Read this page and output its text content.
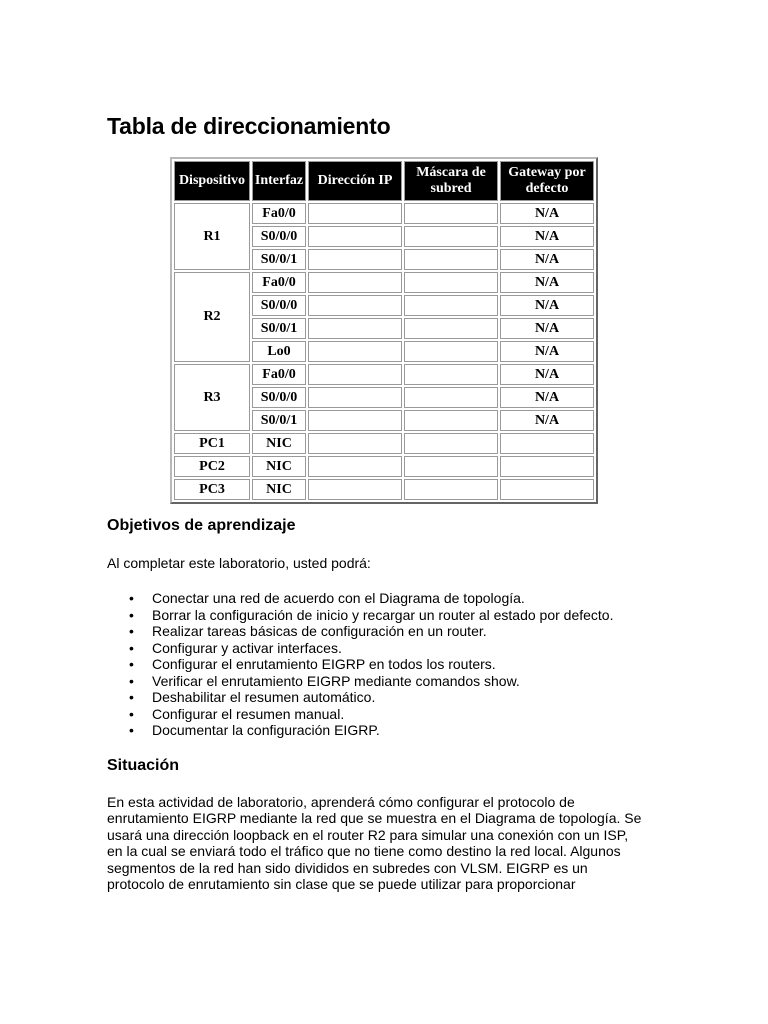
Tabla de direccionamiento
Dispositivo	Interfaz	Dirección IP	Máscara de subred	Gateway por defecto
R1	Fa0/0			N/A
	S0/0/0			N/A
	S0/0/1			N/A
R2	Fa0/0			N/A
	S0/0/0			N/A
	S0/0/1			N/A
	Lo0			N/A
R3	Fa0/0			N/A
	S0/0/0			N/A
	S0/0/1			N/A
PC1	NIC			
PC2	NIC			
PC3	NIC			
Objetivos de aprendizaje

Al completar este laboratorio, usted podrá:

• Conectar una red de acuerdo con el Diagrama de topología.
• Borrar la configuración de inicio y recargar un router al estado por defecto.
• Realizar tareas básicas de configuración en un router.
• Configurar y activar interfaces.
• Configurar el enrutamiento EIGRP en todos los routers.
• Verificar el enrutamiento EIGRP mediante comandos show.
• Deshabilitar el resumen automático.
• Configurar el resumen manual.
• Documentar la configuración EIGRP.
Situación

En esta actividad de laboratorio, aprenderá cómo configurar el protocolo de
enrutamiento EIGRP mediante la red que se muestra en el Diagrama de topología. Se
usará una dirección loopback en el router R2 para simular una conexión con un ISP,
en la cual se enviará todo el tráfico que no tiene como destino la red local. Algunos
segmentos de la red han sido divididos en subredes con VLSM. EIGRP es un
protocolo de enrutamiento sin clase que se puede utilizar para proporcionar
